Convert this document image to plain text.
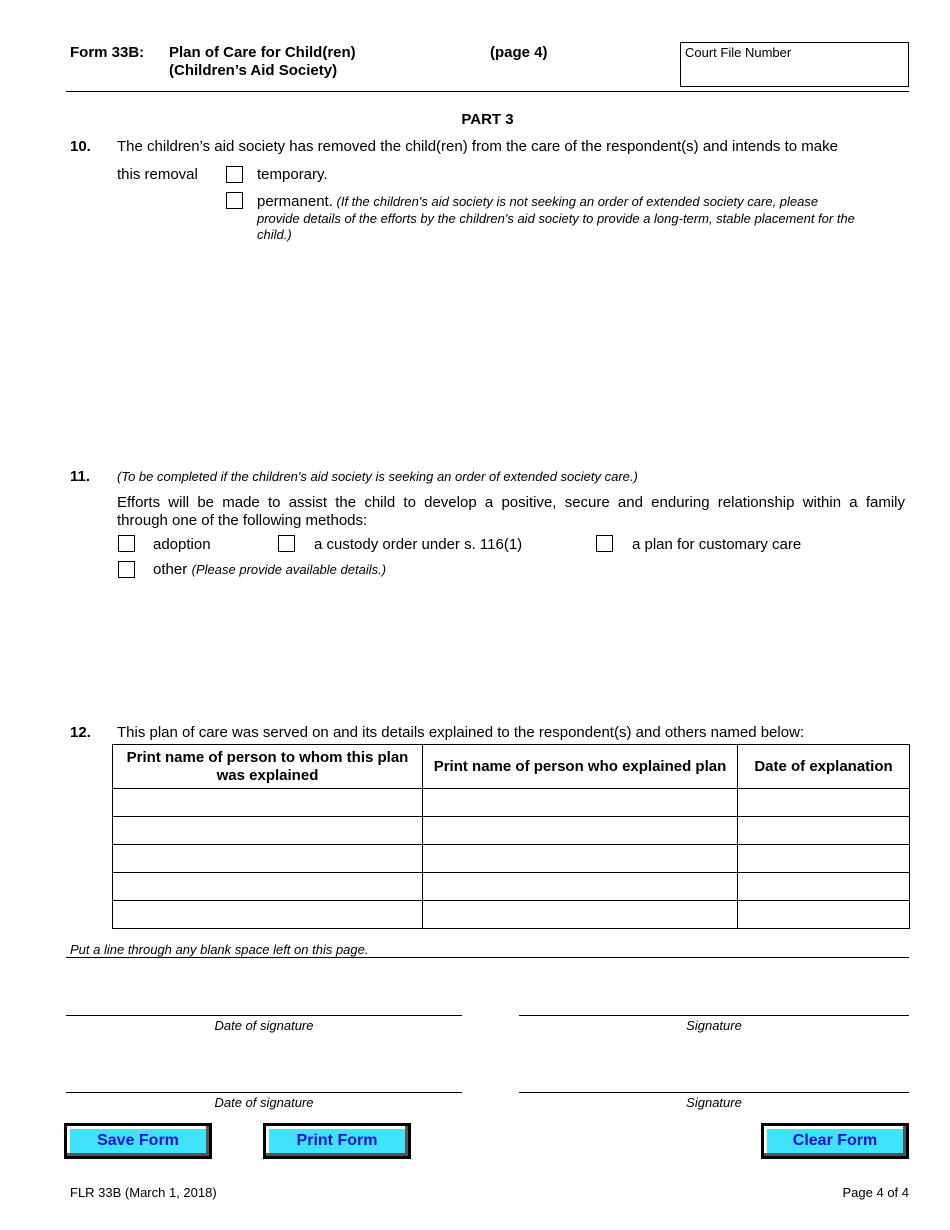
Form 33B: Plan of Care for Child(ren)
(Children’s Aid Society)
(page 4)	Court File Number
PART 3
10. The children’s aid society has removed the child(ren) from the care of the respondent(s) and intends to make
this removal	temporary.
permanent. (If the children's aid society is not seeking an order of extended society care, please
provide details of the efforts by the children's aid society to provide a long-term, stable placement for the
child.)
11. (To be completed if the children's aid society is seeking an order of extended society care.)
Efforts will be made to assist the child to develop a positive, secure and enduring relationship within a family
through one of the following methods:
adoption	a custody order under s. 116(1)	a plan for customary care
other (Please provide available details.)
12. This plan of care was served on and its details explained to the respondent(s) and others named below:
Print name of person to whom this plan was explained	Print name of person who explained plan	Date of explanation

Put a line through any blank space left on this page.
Date of signature	Signature
Date of signature	Signature
Save Form	Print Form	Clear Form
FLR 33B (March 1, 2018)	Page 4 of 4
